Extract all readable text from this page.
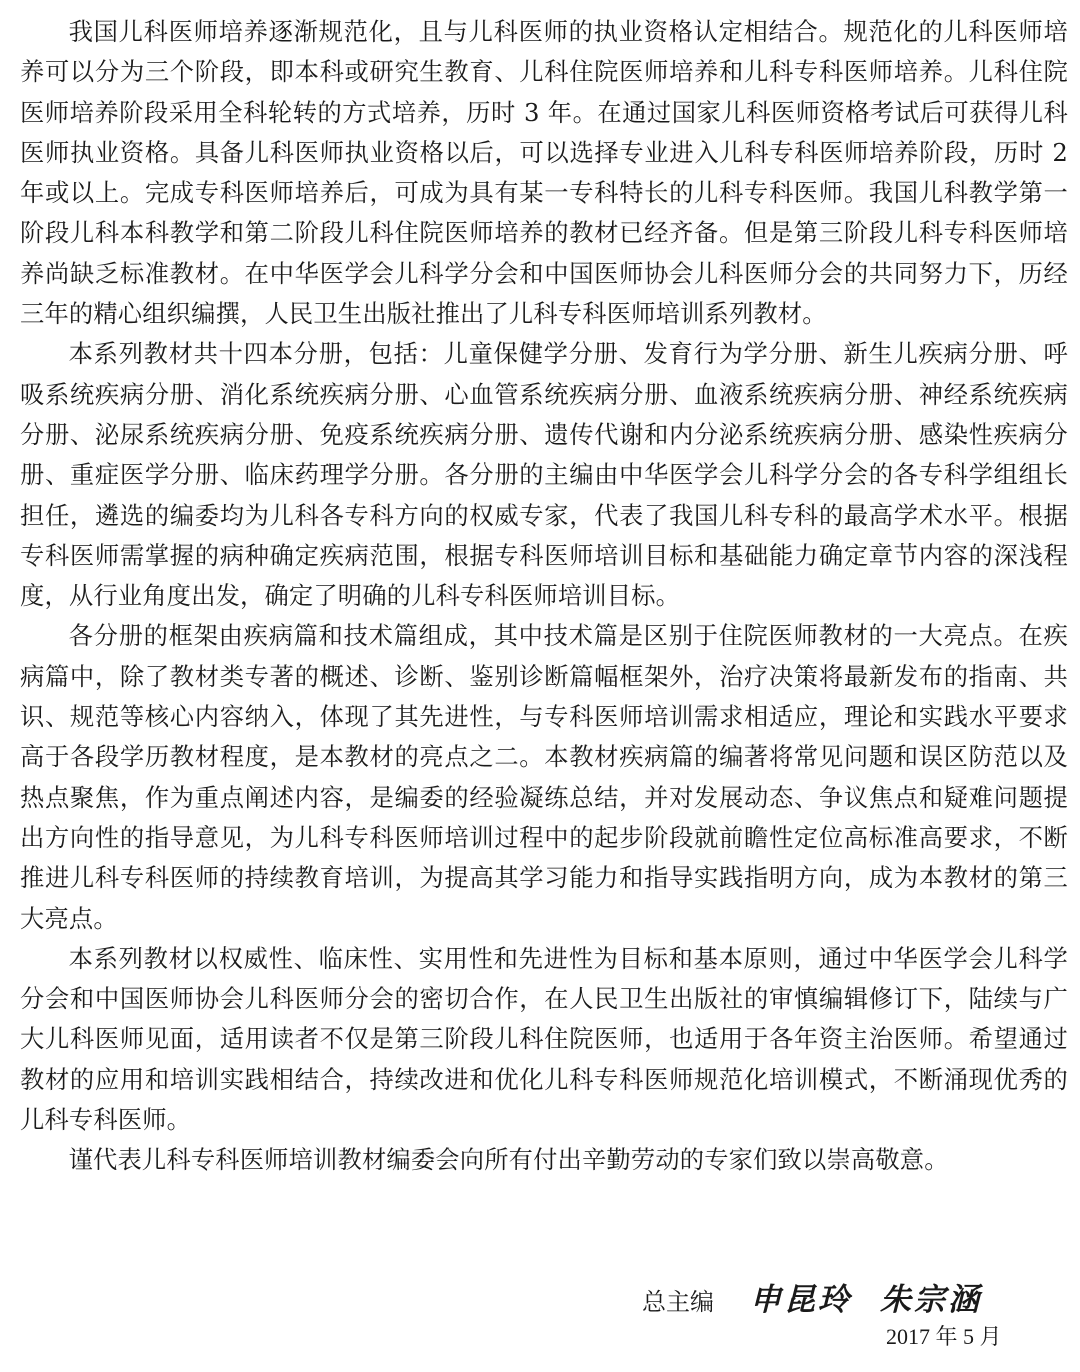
我国儿科医师培养逐渐规范化，且与儿科医师的执业资格认定相结合。规范化的儿科医师培养可以分为三个阶段，即本科或研究生教育、儿科住院医师培养和儿科专科医师培养。儿科住院医师培养阶段采用全科轮转的方式培养，历时 3 年。在通过国家儿科医师资格考试后可获得儿科医师执业资格。具备儿科医师执业资格以后，可以选择专业进入儿科专科医师培养阶段，历时 2 年或以上。完成专科医师培养后，可成为具有某一专科特长的儿科专科医师。我国儿科教学第一阶段儿科本科教学和第二阶段儿科住院医师培养的教材已经齐备。但是第三阶段儿科专科医师培养尚缺乏标准教材。在中华医学会儿科学分会和中国医师协会儿科医师分会的共同努力下，历经三年的精心组织编撰，人民卫生出版社推出了儿科专科医师培训系列教材。

本系列教材共十四本分册，包括：儿童保健学分册、发育行为学分册、新生儿疾病分册、呼吸系统疾病分册、消化系统疾病分册、心血管系统疾病分册、血液系统疾病分册、神经系统疾病分册、泌尿系统疾病分册、免疫系统疾病分册、遗传代谢和内分泌系统疾病分册、感染性疾病分册、重症医学分册、临床药理学分册。各分册的主编由中华医学会儿科学分会的各专科学组组长担任，遴选的编委均为儿科各专科方向的权威专家，代表了我国儿科专科的最高学术水平。根据专科医师需掌握的病种确定疾病范围，根据专科医师培训目标和基础能力确定章节内容的深浅程度，从行业角度出发，确定了明确的儿科专科医师培训目标。

各分册的框架由疾病篇和技术篇组成，其中技术篇是区别于住院医师教材的一大亮点。在疾病篇中，除了教材类专著的概述、诊断、鉴别诊断篇幅框架外，治疗决策将最新发布的指南、共识、规范等核心内容纳入，体现了其先进性，与专科医师培训需求相适应，理论和实践水平要求高于各段学历教材程度，是本教材的亮点之二。本教材疾病篇的编著将常见问题和误区防范以及热点聚焦，作为重点阐述内容，是编委的经验凝练总结，并对发展动态、争议焦点和疑难问题提出方向性的指导意见，为儿科专科医师培训过程中的起步阶段就前瞻性定位高标准高要求，不断推进儿科专科医师的持续教育培训，为提高其学习能力和指导实践指明方向，成为本教材的第三大亮点。

本系列教材以权威性、临床性、实用性和先进性为目标和基本原则，通过中华医学会儿科学分会和中国医师协会儿科医师分会的密切合作，在人民卫生出版社的审慎编辑修订下，陆续与广大儿科医师见面，适用读者不仅是第三阶段儿科住院医师，也适用于各年资主治医师。希望通过教材的应用和培训实践相结合，持续改进和优化儿科专科医师规范化培训模式，不断涌现优秀的儿科专科医师。

谨代表儿科专科医师培训教材编委会向所有付出辛勤劳动的专家们致以崇高敬意。

总主编 申昆玲 朱宗涵
2017 年 5 月
